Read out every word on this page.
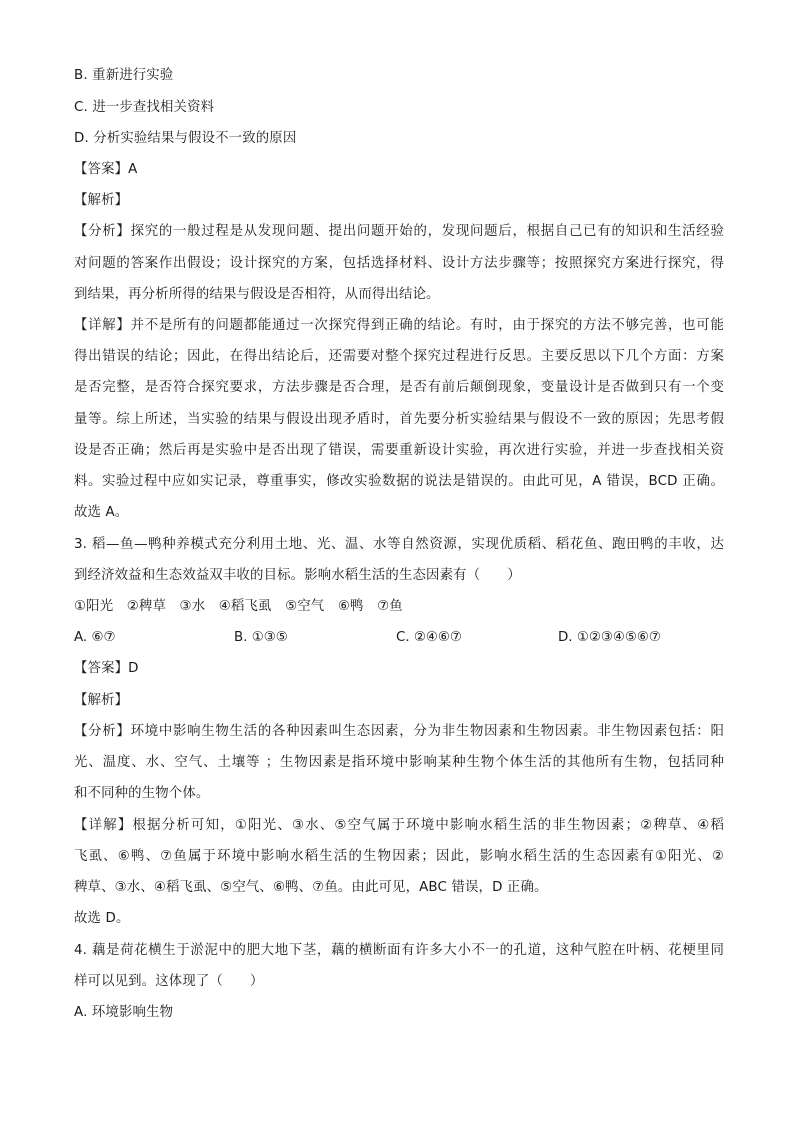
B. 重新进行实验
C. 进一步查找相关资料
D. 分析实验结果与假设不一致的原因
【答案】A
【解析】
【分析】探究的一般过程是从发现问题、提出问题开始的，发现问题后，根据自己已有的知识和生活经验
对问题的答案作出假设；设计探究的方案，包括选择材料、设计方法步骤等；按照探究方案进行探究，得
到结果，再分析所得的结果与假设是否相符，从而得出结论。
【详解】并不是所有的问题都能通过一次探究得到正确的结论。有时，由于探究的方法不够完善，也可能
得出错误的结论；因此，在得出结论后，还需要对整个探究过程进行反思。主要反思以下几个方面：方案
是否完整，是否符合探究要求，方法步骤是否合理，是否有前后颠倒现象，变量设计是否做到只有一个变
量等。综上所述，当实验的结果与假设出现矛盾时，首先要分析实验结果与假设不一致的原因；先思考假
设是否正确；然后再是实验中是否出现了错误，需要重新设计实验，再次进行实验，并进一步查找相关资
料。实验过程中应如实记录，尊重事实，修改实验数据的说法是错误的。由此可见，A 错误，BCD 正确。
故选 A。
3. 稻—鱼—鸭种养模式充分利用土地、光、温、水等自然资源，实现优质稻、稻花鱼、跑田鸭的丰收，达
到经济效益和生态效益双丰收的目标。影响水稻生活的生态因素有（　　）
①阳光　②稗草　③水　④稻飞虱　⑤空气　⑥鸭　⑦鱼
A. ⑥⑦	B. ①③⑤	C. ②④⑥⑦	D. ①②③④⑤⑥⑦
【答案】D
【解析】
【分析】环境中影响生物生活的各种因素叫生态因素，分为非生物因素和生物因素。非生物因素包括：阳
光、温度、水、空气、土壤等 ；生物因素是指环境中影响某种生物个体生活的其他所有生物，包括同种
和不同种的生物个体。
【详解】根据分析可知，①阳光、③水、⑤空气属于环境中影响水稻生活的非生物因素；②稗草、④稻
飞虱、⑥鸭、⑦鱼属于环境中影响水稻生活的生物因素；因此，影响水稻生活的生态因素有①阳光、②
稗草、③水、④稻飞虱、⑤空气、⑥鸭、⑦鱼。由此可见，ABC 错误，D 正确。
故选 D。
4. 藕是荷花横生于淤泥中的肥大地下茎，藕的横断面有许多大小不一的孔道，这种气腔在叶柄、花梗里同
样可以见到。这体现了（　　）
A. 环境影响生物
